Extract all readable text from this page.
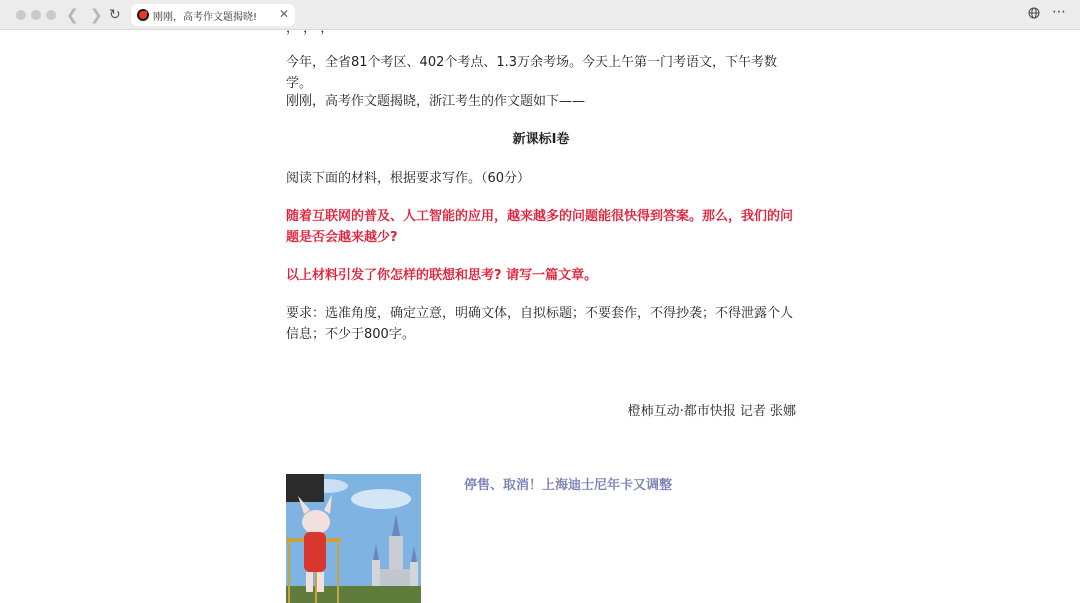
❮ ❯ ↻	刚刚，高考作文题揭晓! ✕	⋯
， ， ，
今年，全省81个考区、402个考点、1.3万余考场。今天上午第一门考语文，下午考数学。
刚刚，高考作文题揭晓，浙江考生的作文题如下——
新课标I卷
阅读下面的材料，根据要求写作。（60分）
随着互联网的普及、人工智能的应用，越来越多的问题能很快得到答案。那么，我们的问题是否会越来越少?
以上材料引发了你怎样的联想和思考? 请写一篇文章。
要求：选准角度，确定立意，明确文体，自拟标题；不要套作，不得抄袭；不得泄露个人信息；不少于800字。
橙柿互动·都市快报 记者 张娜
停售、取消！上海迪士尼年卡又调整
